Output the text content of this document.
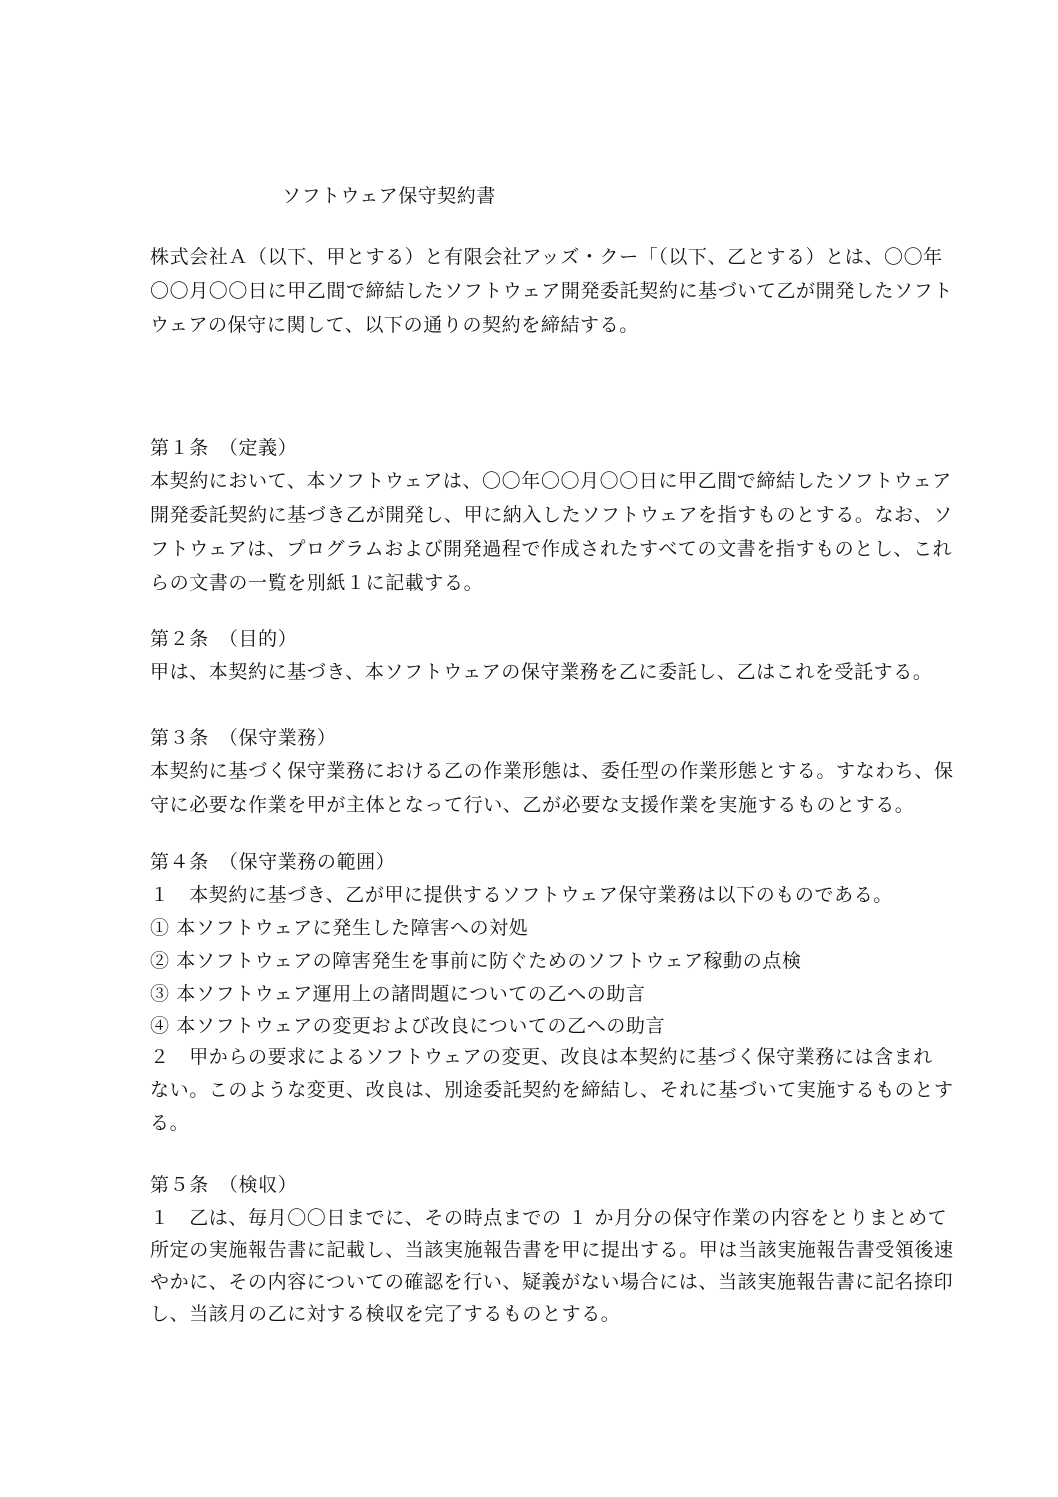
ソフトウェア保守契約書
株式会社Ａ（以下、甲とする）と有限会社アッズ・クー「（以下、乙とする）とは、〇〇年
〇〇月〇〇日に甲乙間で締結したソフトウェア開発委託契約に基づいて乙が開発したソフト
ウェアの保守に関して、以下の通りの契約を締結する。
第１条　（定義）
本契約において、本ソフトウェアは、〇〇年〇〇月〇〇日に甲乙間で締結したソフトウェア
開発委託契約に基づき乙が開発し、甲に納入したソフトウェアを指すものとする。なお、ソ
フトウェアは、プログラムおよび開発過程で作成されたすべての文書を指すものとし、これ
らの文書の一覧を別紙１に記載する。
第２条　（目的）
甲は、本契約に基づき、本ソフトウェアの保守業務を乙に委託し、乙はこれを受託する。
第３条　（保守業務）
本契約に基づく保守業務における乙の作業形態は、委任型の作業形態とする。すなわち、保
守に必要な作業を甲が主体となって行い、乙が必要な支援作業を実施するものとする。
第４条　（保守業務の範囲）
１　本契約に基づき、乙が甲に提供するソフトウェア保守業務は以下のものである。
① 本ソフトウェアに発生した障害への対処
② 本ソフトウェアの障害発生を事前に防ぐためのソフトウェア稼動の点検
③ 本ソフトウェア運用上の諸問題についての乙への助言
④ 本ソフトウェアの変更および改良についての乙への助言
２　甲からの要求によるソフトウェアの変更、改良は本契約に基づく保守業務には含まれ
ない。このような変更、改良は、別途委託契約を締結し、それに基づいて実施するものとす
る。
第５条　（検収）
１　乙は、毎月〇〇日までに、その時点までの １ か月分の保守作業の内容をとりまとめて
所定の実施報告書に記載し、当該実施報告書を甲に提出する。甲は当該実施報告書受領後速
やかに、その内容についての確認を行い、疑義がない場合には、当該実施報告書に記名捺印
し、当該月の乙に対する検収を完了するものとする。
